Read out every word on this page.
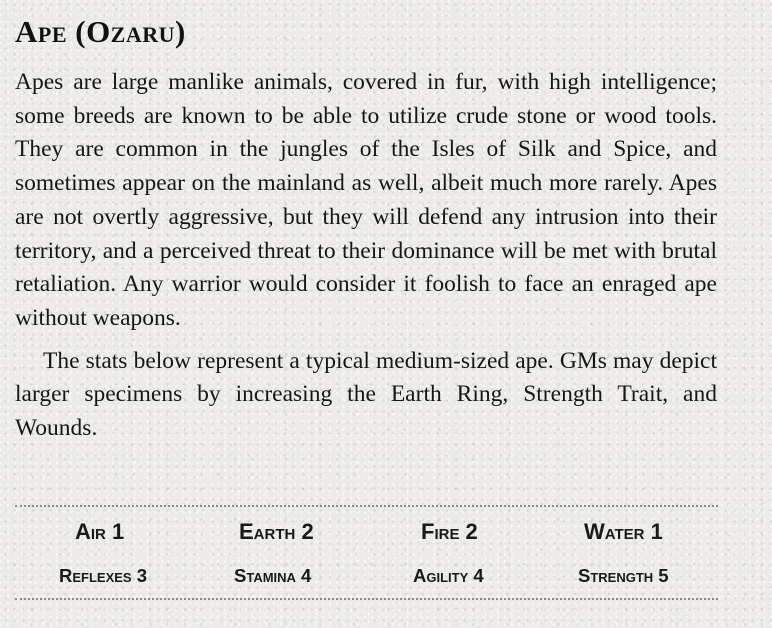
Ape (Ozaru)

Apes are large manlike animals, covered in fur, with high intelligence; some breeds are known to be able to utilize crude stone or wood tools. They are common in the jungles of the Isles of Silk and Spice, and sometimes appear on the mainland as well, albeit much more rarely. Apes are not overtly aggressive, but they will defend any intrusion into their territory, and a perceived threat to their dominance will be met with brutal retaliation. Any warrior would consider it foolish to face an enraged ape without weapons.

The stats below represent a typical medium-sized ape. GMs may depict larger specimens by increasing the Earth Ring, Strength Trait, and Wounds.

Air 1	Earth 2	Fire 2	Water 1
Reflexes 3	Stamina 4	Agility 4	Strength 5
